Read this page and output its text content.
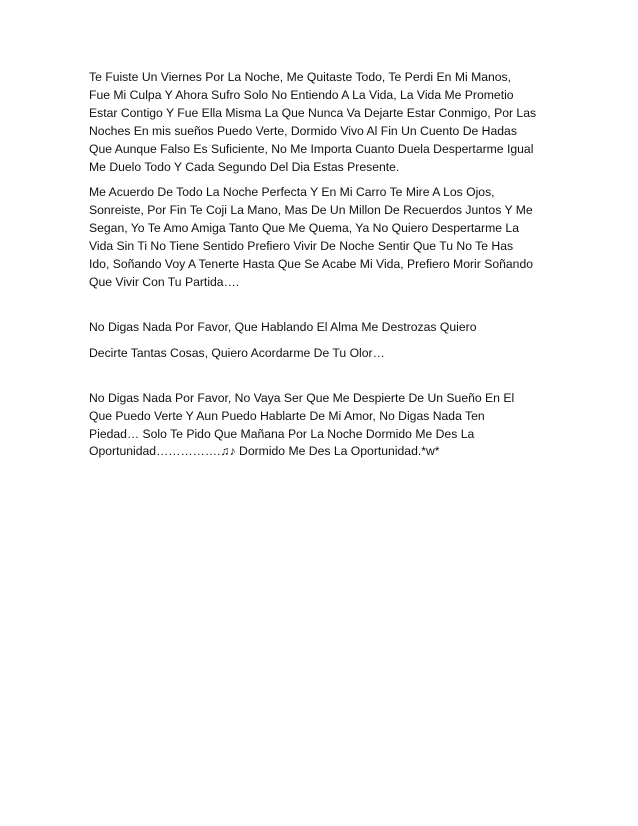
Te Fuiste Un Viernes Por La Noche, Me Quitaste Todo, Te Perdi En Mi Manos,
Fue Mi Culpa Y Ahora Sufro Solo No Entiendo A La Vida, La Vida Me Prometio
Estar Contigo Y Fue Ella Misma La Que Nunca Va Dejarte Estar Conmigo, Por Las
Noches En mis sueños Puedo Verte, Dormido Vivo Al Fin Un Cuento De Hadas
Que Aunque Falso Es Suficiente, No Me Importa Cuanto Duela Despertarme Igual
Me Duelo Todo Y Cada Segundo Del Dia Estas Presente.
Me Acuerdo De Todo La Noche Perfecta Y En Mi Carro Te Mire A Los Ojos,
Sonreiste, Por Fin Te Coji La Mano, Mas De Un Millon De Recuerdos Juntos Y Me
Segan, Yo Te Amo Amiga Tanto Que Me Quema, Ya No Quiero Despertarme La
Vida Sin Ti No Tiene Sentido Prefiero Vivir De Noche Sentir Que Tu No Te Has
Ido, Soñando Voy A Tenerte Hasta Que Se Acabe Mi Vida, Prefiero Morir Soñando
Que Vivir Con Tu Partida….
No Digas Nada Por Favor, Que Hablando El Alma Me Destrozas Quiero
Decirte Tantas Cosas, Quiero Acordarme De Tu Olor…
No Digas Nada Por Favor, No Vaya Ser Que Me Despierte De Un Sueño En El
Que Puedo Verte Y Aun Puedo Hablarte De Mi Amor, No Digas Nada Ten
Piedad… Solo Te Pido Que Mañana Por La Noche Dormido Me Des La
Oportunidad…………….♫♪ Dormido Me Des La Oportunidad.*w*
